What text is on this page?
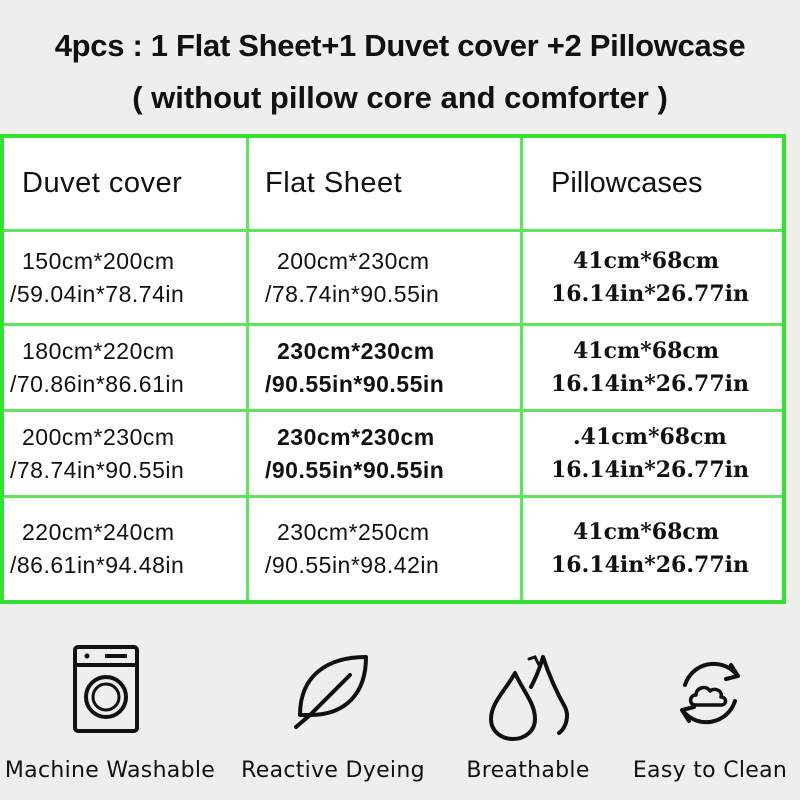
4pcs : 1 Flat Sheet+1 Duvet cover +2 Pillowcase
( without pillow core and comforter )
Duvet cover	Flat Sheet	Pillowcases
150cm*200cm
/59.04in*78.74in
200cm*230cm
/78.74in*90.55in
41cm*68cm
16.14in*26.77in
180cm*220cm
/70.86in*86.61in
230cm*230cm
/90.55in*90.55in
41cm*68cm
16.14in*26.77in
200cm*230cm
/78.74in*90.55in
230cm*230cm
/90.55in*90.55in
.41cm*68cm
16.14in*26.77in
220cm*240cm
/86.61in*94.48in
230cm*250cm
/90.55in*98.42in
41cm*68cm
16.14in*26.77in
Machine Washable Reactive Dyeing Breathable Easy to Clean
